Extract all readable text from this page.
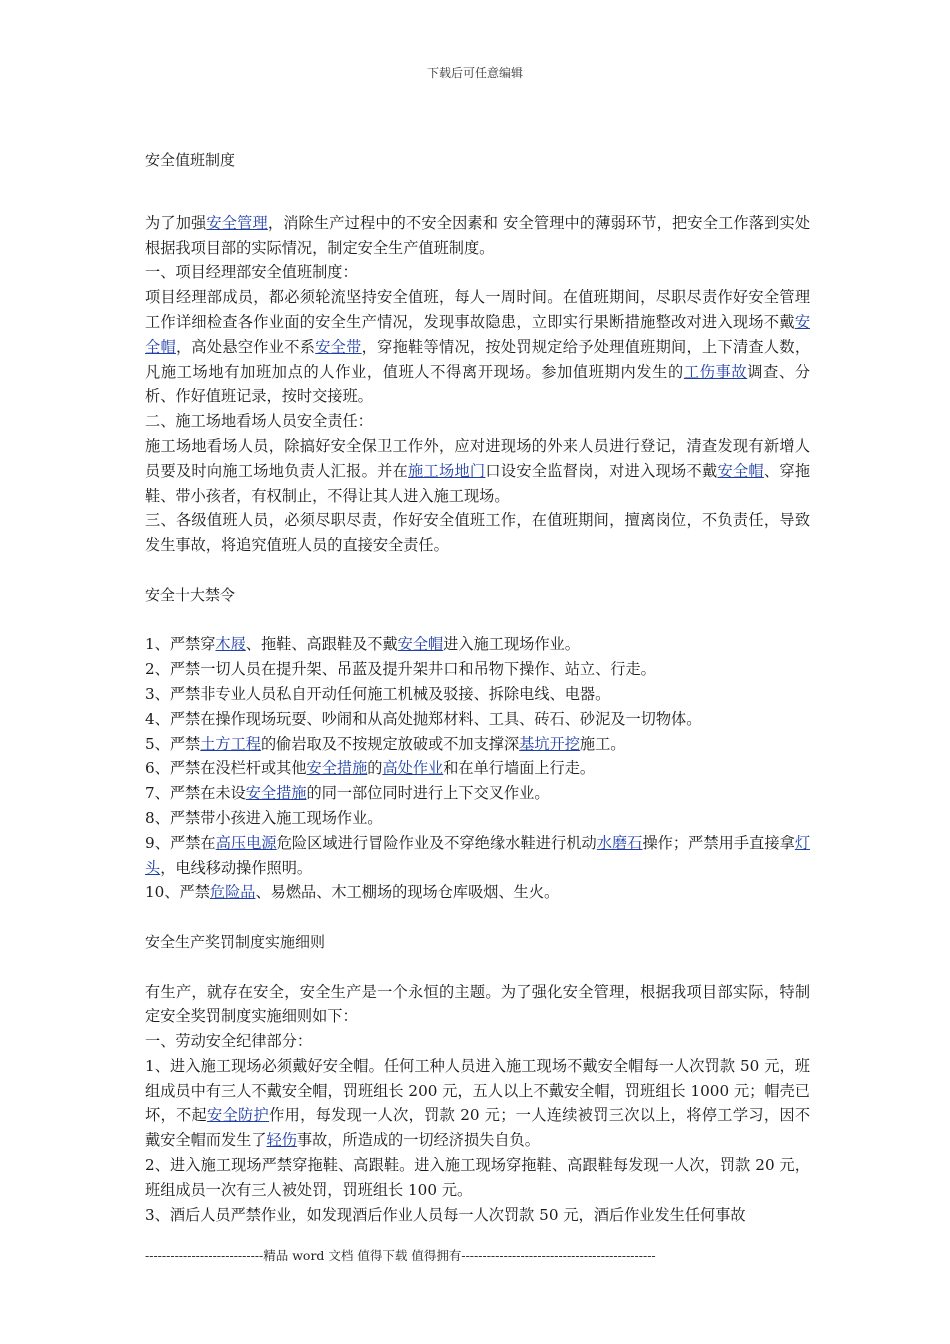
下载后可任意编辑

安全值班制度

为了加强安全管理，消除生产过程中的不安全因素和 安全管理中的薄弱环节，把安全工作落到实处根据我项目部的实际情况，制定安全生产值班制度。

一、项目经理部安全值班制度：

项目经理部成员，都必须轮流坚持安全值班，每人一周时间。在值班期间，尽职尽责作好安全管理工作详细检查各作业面的安全生产情况，发现事故隐患，立即实行果断措施整改对进入现场不戴安全帽，高处悬空作业不系安全带，穿拖鞋等情况，按处罚规定给予处理值班期间，上下清查人数，凡施工场地有加班加点的人作业，值班人不得离开现场。参加值班期内发生的工伤事故调查、分析、作好值班记录，按时交接班。

二、施工场地看场人员安全责任：

施工场地看场人员，除搞好安全保卫工作外，应对进现场的外来人员进行登记，清查发现有新增人员要及时向施工场地负责人汇报。并在施工场地门口设安全监督岗，对进入现场不戴安全帽、穿拖鞋、带小孩者，有权制止，不得让其人进入施工现场。

三、各级值班人员，必须尽职尽责，作好安全值班工作，在值班期间，擅离岗位，不负责任，导致发生事故，将追究值班人员的直接安全责任。

安全十大禁令

1、严禁穿木屐、拖鞋、高跟鞋及不戴安全帽进入施工现场作业。

2、严禁一切人员在提升架、吊蓝及提升架井口和吊物下操作、站立、行走。

3、严禁非专业人员私自开动任何施工机械及驳接、拆除电线、电器。

4、严禁在操作现场玩耍、吵闹和从高处抛郑材料、工具、砖石、砂泥及一切物体。

5、严禁土方工程的偷岩取及不按规定放破或不加支撑深基坑开挖施工。

6、严禁在没栏杆或其他安全措施的高处作业和在单行墙面上行走。

7、严禁在未设安全措施的同一部位同时进行上下交叉作业。

8、严禁带小孩进入施工现场作业。

9、严禁在高压电源危险区域进行冒险作业及不穿绝缘水鞋进行机动水磨石操作；严禁用手直接拿灯头，电线移动操作照明。

10、严禁危险品、易燃品、木工棚场的现场仓库吸烟、生火。

安全生产奖罚制度实施细则

有生产，就存在安全，安全生产是一个永恒的主题。为了强化安全管理，根据我项目部实际，特制定安全奖罚制度实施细则如下：

一、劳动安全纪律部分：

1、进入施工现场必须戴好安全帽。任何工种人员进入施工现场不戴安全帽每一人次罚款 50 元，班组成员中有三人不戴安全帽，罚班组长 200 元，五人以上不戴安全帽，罚班组长 1000 元；帽壳已坏，不起安全防护作用，每发现一人次，罚款 20 元；一人连续被罚三次以上，将停工学习，因不戴安全帽而发生了轻伤事故，所造成的一切经济损失自负。

2、进入施工现场严禁穿拖鞋、高跟鞋。进入施工现场穿拖鞋、高跟鞋每发现一人次，罚款 20 元，班组成员一次有三人被处罚，罚班组长 100 元。

3、酒后人员严禁作业，如发现酒后作业人员每一人次罚款 50 元，酒后作业发生任何事故

----------------------------精品 word 文档 值得下载 值得拥有----------------------------------------------
